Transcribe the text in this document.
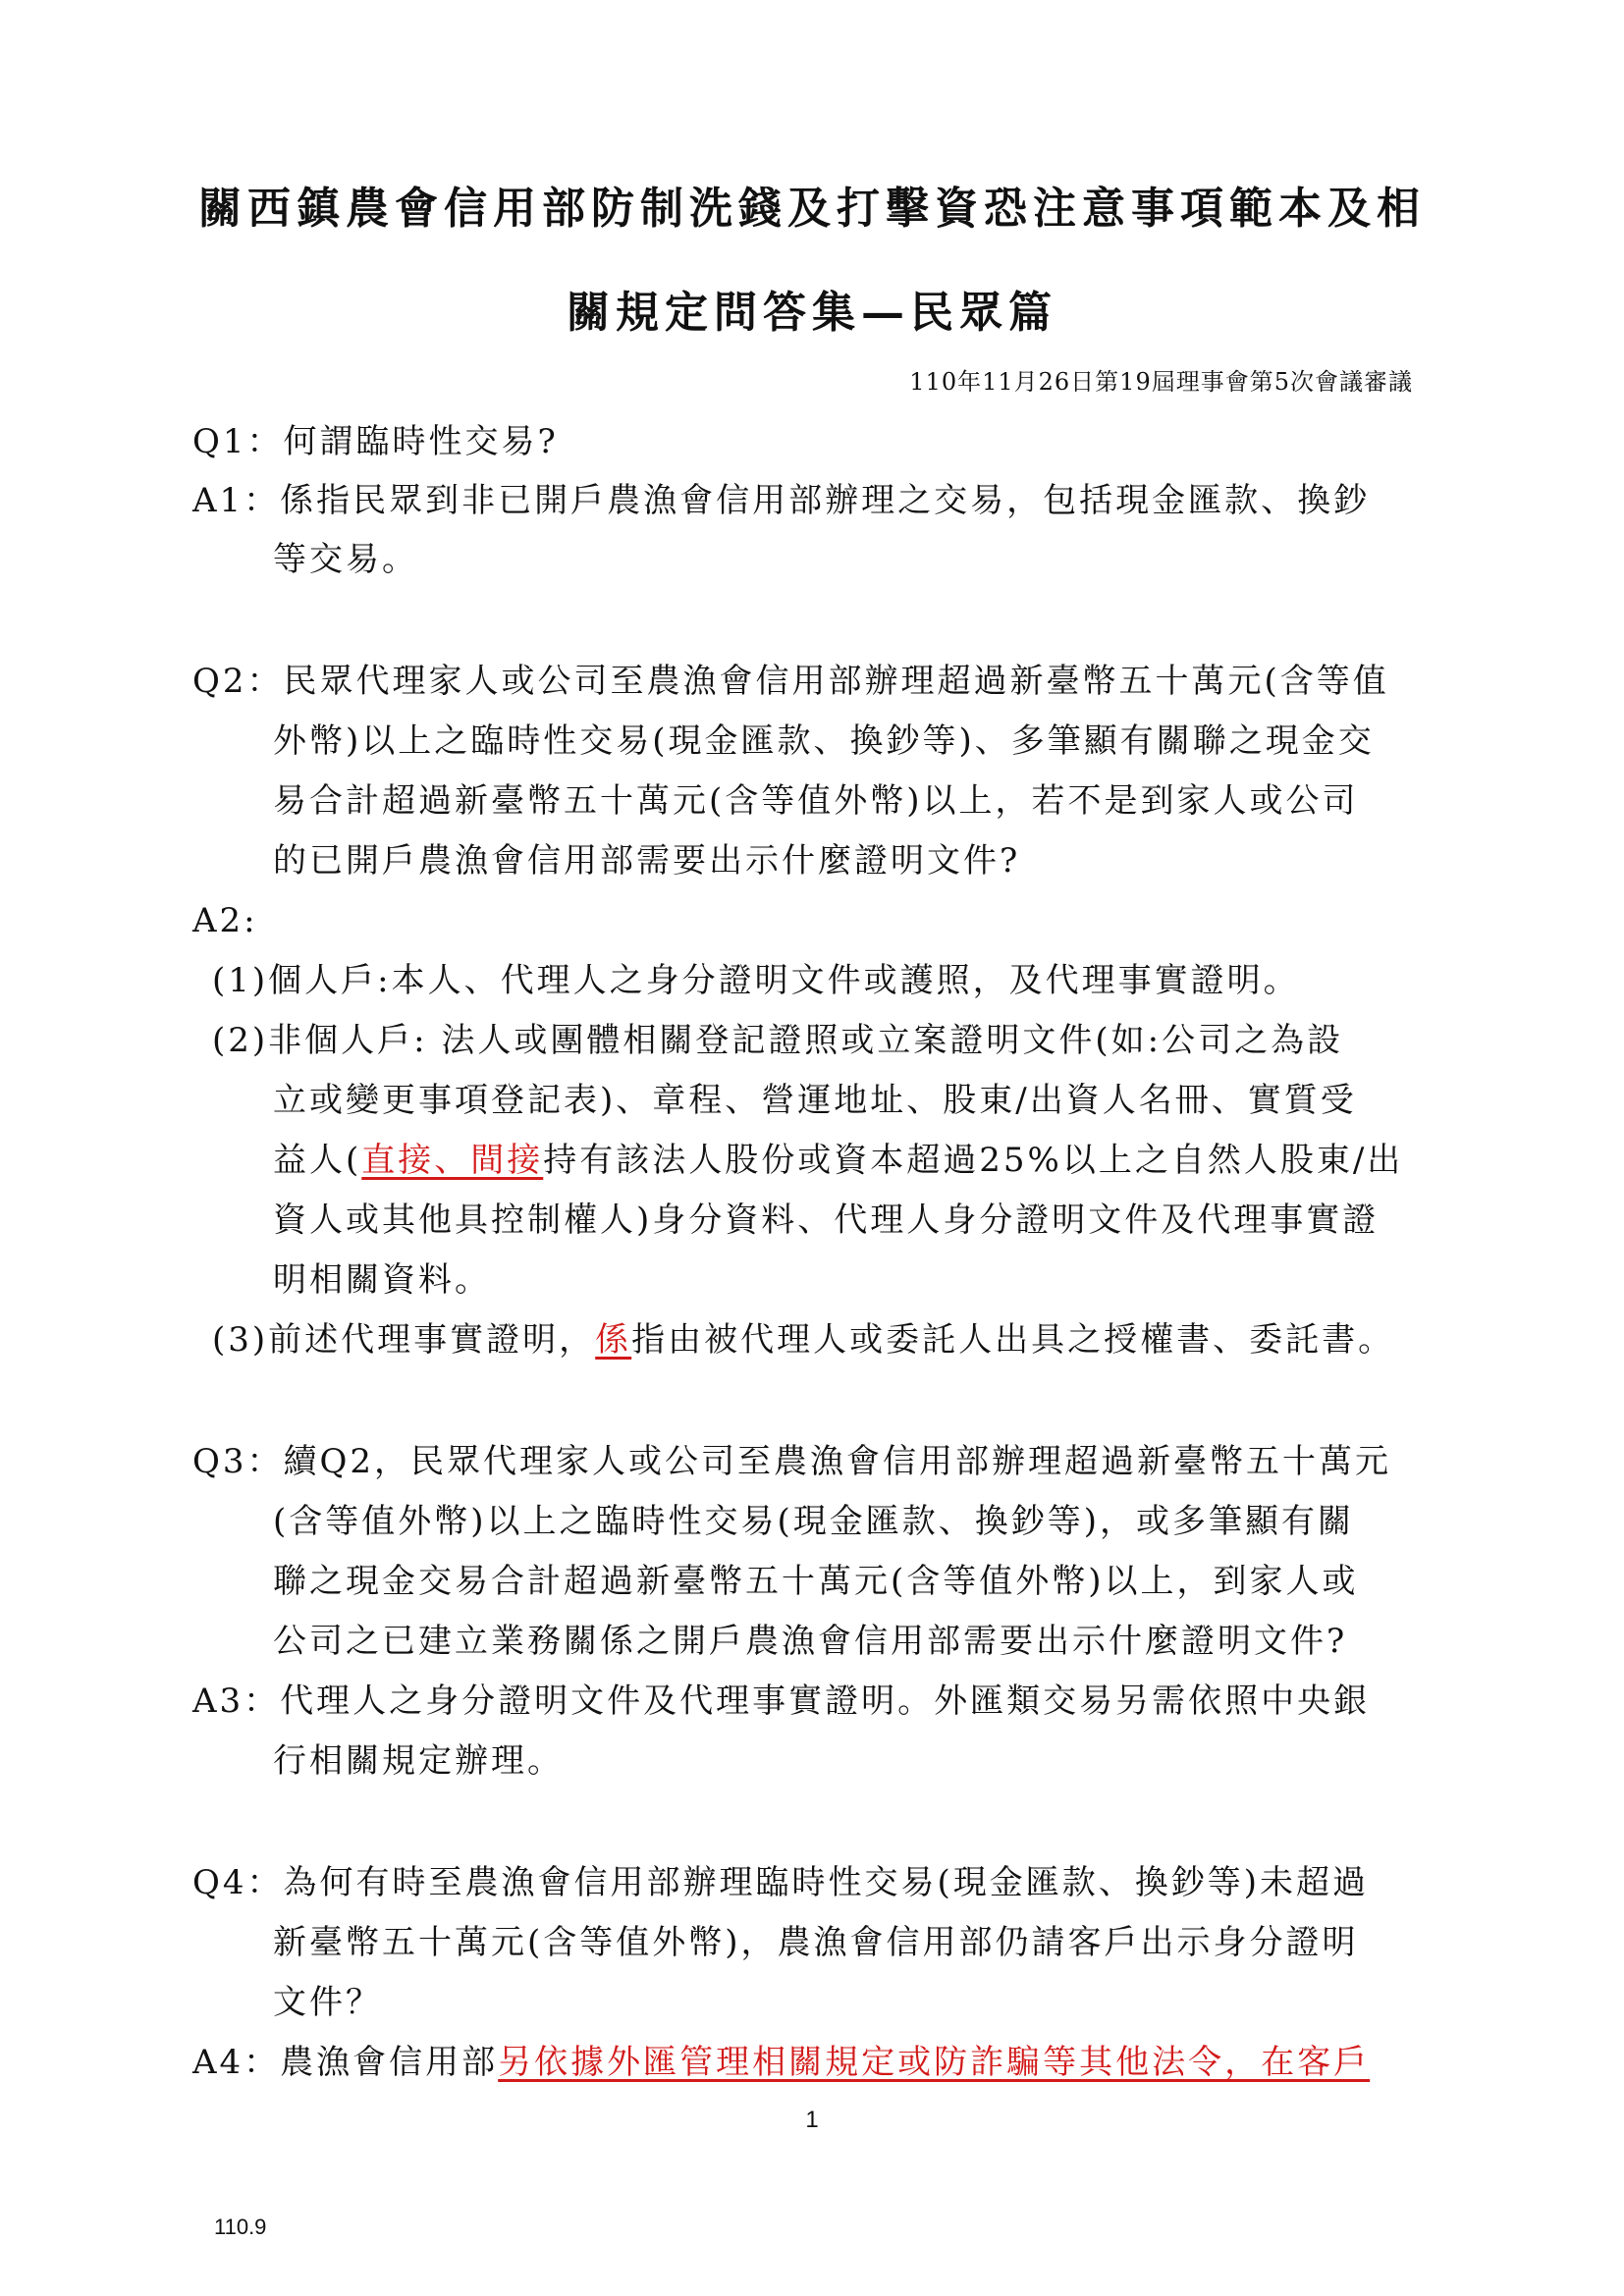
關西鎮農會信用部防制洗錢及打擊資恐注意事項範本及相
關規定問答集—民眾篇
110年11月26日第19屆理事會第5次會議審議
Q1：何謂臨時性交易?
A1：係指民眾到非已開戶農漁會信用部辦理之交易，包括現金匯款、換鈔
等交易。
Q2：民眾代理家人或公司至農漁會信用部辦理超過新臺幣五十萬元(含等值
外幣)以上之臨時性交易(現金匯款、換鈔等)、多筆顯有關聯之現金交
易合計超過新臺幣五十萬元(含等值外幣)以上，若不是到家人或公司
的已開戶農漁會信用部需要出示什麼證明文件?
A2:
(1)個人戶:本人、代理人之身分證明文件或護照，及代理事實證明。
(2)非個人戶: 法人或團體相關登記證照或立案證明文件(如:公司之為設
立或變更事項登記表)、章程、營運地址、股東/出資人名冊、實質受
益人(直接、間接持有該法人股份或資本超過25%以上之自然人股東/出
資人或其他具控制權人)身分資料、代理人身分證明文件及代理事實證
明相關資料。
(3)前述代理事實證明，係指由被代理人或委託人出具之授權書、委託書。
Q3：續Q2，民眾代理家人或公司至農漁會信用部辦理超過新臺幣五十萬元
(含等值外幣)以上之臨時性交易(現金匯款、換鈔等)，或多筆顯有關
聯之現金交易合計超過新臺幣五十萬元(含等值外幣)以上，到家人或
公司之已建立業務關係之開戶農漁會信用部需要出示什麼證明文件?
A3：代理人之身分證明文件及代理事實證明。外匯類交易另需依照中央銀
行相關規定辦理。
Q4：為何有時至農漁會信用部辦理臨時性交易(現金匯款、換鈔等)未超過
新臺幣五十萬元(含等值外幣)，農漁會信用部仍請客戶出示身分證明
文件？
A4：農漁會信用部另依據外匯管理相關規定或防詐騙等其他法令，在客戶
1
110.9
